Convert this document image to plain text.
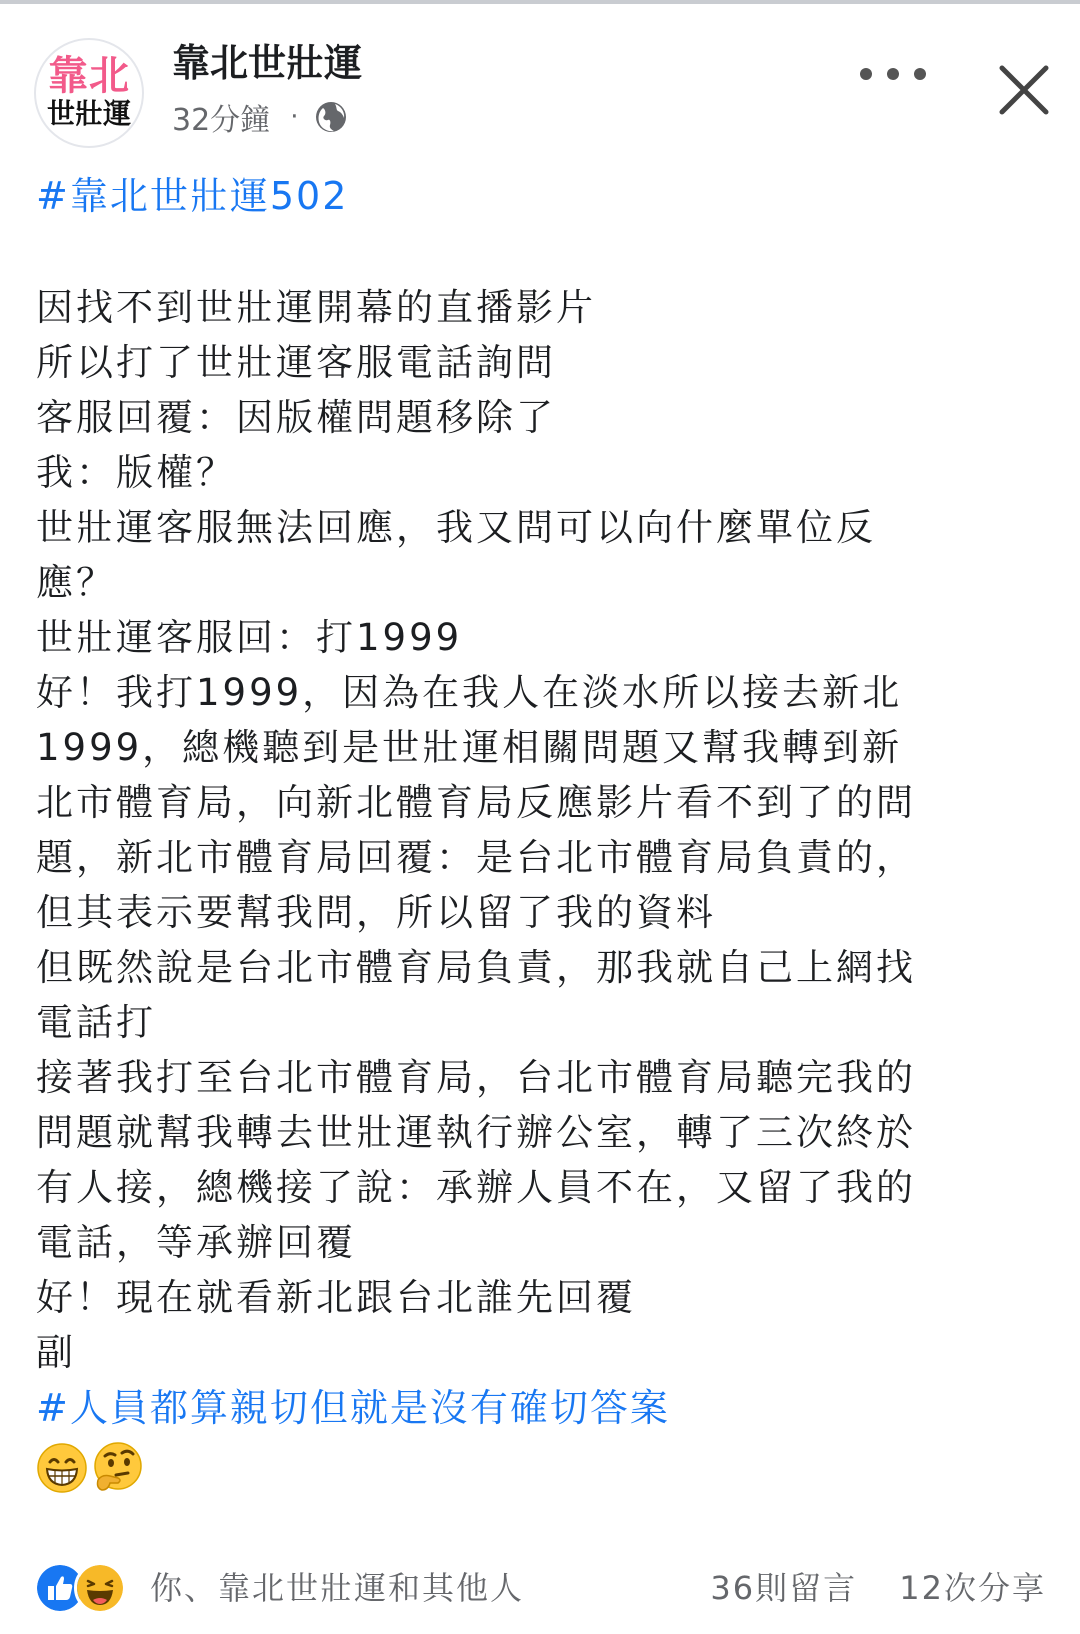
靠北
世壯運
靠北世壯運
32分鐘 ·
#靠北世壯運502
因找不到世壯運開幕的直播影片
所以打了世壯運客服電話詢問
客服回覆：因版權問題移除了
我：版權？
世壯運客服無法回應，我又問可以向什麼單位反
應？
世壯運客服回：打1999
好！我打1999，因為在我人在淡水所以接去新北
1999，總機聽到是世壯運相關問題又幫我轉到新
北市體育局，向新北體育局反應影片看不到了的問
題，新北市體育局回覆：是台北市體育局負責的，
但其表示要幫我問，所以留了我的資料
但既然說是台北市體育局負責，那我就自己上網找
電話打
接著我打至台北市體育局，台北市體育局聽完我的
問題就幫我轉去世壯運執行辦公室，轉了三次終於
有人接，總機接了說：承辦人員不在，又留了我的
電話，等承辦回覆
好！現在就看新北跟台北誰先回覆
副
#人員都算親切但就是沒有確切答案
你、靠北世壯運和其他人	36則留言 12次分享
